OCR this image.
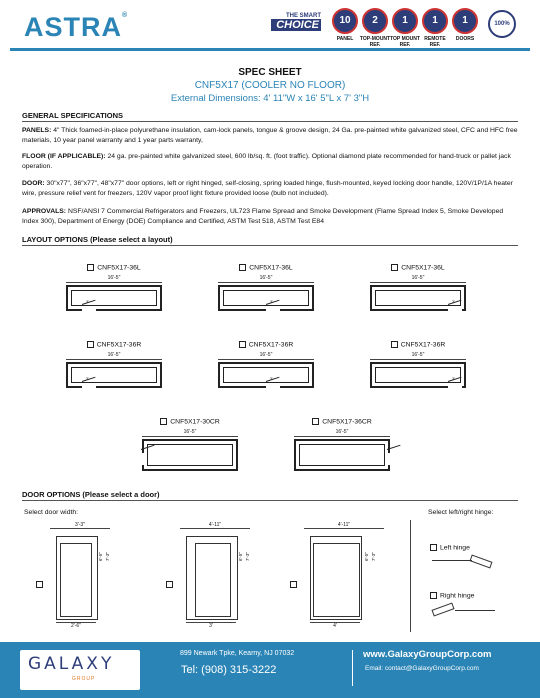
ASTRA®	THE SMART
CHOICE	10
PANEL
2
TOP-MOUNT REF.
1
TOP MOUNT REF.
1
REMOTE REF.
1
DOORS
100%
SPEC SHEET
CNF5X17 (COOLER NO FLOOR)
External Dimensions: 4' 11"W x 16' 5"L x 7' 3"H
GENERAL SPECIFICATIONS
PANELS: 4" Thick foamed-in-place polyurethane insulation, cam-lock panels, tongue & groove design, 24 Ga. pre-painted white galvanized steel, CFC and HFC free materials, 10 year panel warranty and 1 year parts warranty,
FLOOR (IF APPLICABLE): 24 ga. pre-painted white galvanized steel, 600 lb/sq. ft. (foot traffic). Optional diamond plate recommended for hand-truck or pallet jack operation.
DOOR: 30"x77", 36"x77", 48"x77" door options, left or right hinged, self-closing, spring loaded hinge, flush-mounted, keyed locking door handle, 120V/1P/1A heater wire, pressure relief vent for freezers, 120V vapor proof light fixture provided loose (bulb not included).
APPROVALS: NSF/ANSI 7 Commercial Refrigerators and Freezers, UL723 Flame Spread and Smoke Development (Flame Spread Index 5, Smoke Developed Index 300), Department of Energy (DOE) Compliance and Certified, ASTM Test 518, ASTM Test E84
LAYOUT OPTIONS (Please select a layout)
CNF5X17-36L
16'-5"
3'
CNF5X17-36L
16'-5"
3'
CNF5X17-36L
16'-5"
3'
CNF5X17-36R
16'-5"
3'
CNF5X17-36R
16'-5"
3'
CNF5X17-36R
16'-5"
3'
CNF5X17-30CR
16'-5"
CNF5X17-36CR
16'-5"
DOOR OPTIONS (Please select a door)
Select door width:	Select left/right hinge:
3'-3"
6'-5" 7'-3"
2'-6"
4'-11"
6'-5" 7'-3"
3'
4'-11"
6'-5" 7'-3"
4'
Left hinge
Right hinge
GALAXY
GROUP
899 Newark Tpke, Kearny, NJ 07032
Tel: (908) 315-3222
www.GalaxyGroupCorp.com
Email: contact@GalaxyGroupCorp.com
